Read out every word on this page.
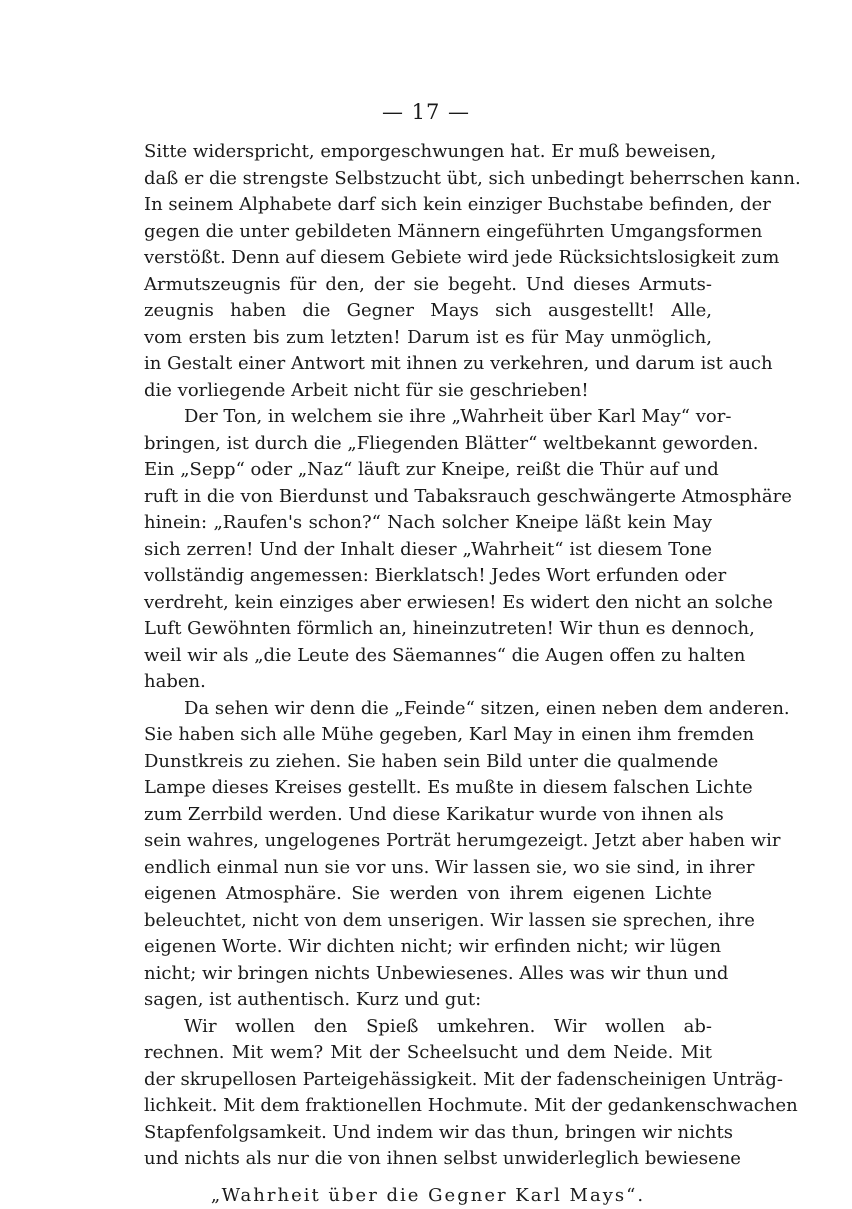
— 17 —
Sitte widerspricht, emporgeschwungen hat. Er muß beweisen,
daß er die strengste Selbstzucht übt, sich unbedingt beherrschen kann.
In seinem Alphabete darf sich kein einziger Buchstabe befinden, der
gegen die unter gebildeten Männern eingeführten Umgangsformen
verstößt. Denn auf diesem Gebiete wird jede Rücksichtslosigkeit zum
Armutszeugnis für den, der sie begeht. Und dieses Armuts-
zeugnis haben die Gegner Mays sich ausgestellt! Alle,
vom ersten bis zum letzten! Darum ist es für May unmöglich,
in Gestalt einer Antwort mit ihnen zu verkehren, und darum ist auch
die vorliegende Arbeit nicht für sie geschrieben!
Der Ton, in welchem sie ihre „Wahrheit über Karl May“ vor-
bringen, ist durch die „Fliegenden Blätter“ weltbekannt geworden.
Ein „Sepp“ oder „Naz“ läuft zur Kneipe, reißt die Thür auf und
ruft in die von Bierdunst und Tabaksrauch geschwängerte Atmosphäre
hinein: „Raufen's schon?“ Nach solcher Kneipe läßt kein May
sich zerren! Und der Inhalt dieser „Wahrheit“ ist diesem Tone
vollständig angemessen: Bierklatsch! Jedes Wort erfunden oder
verdreht, kein einziges aber erwiesen! Es widert den nicht an solche
Luft Gewöhnten förmlich an, hineinzutreten! Wir thun es dennoch,
weil wir als „die Leute des Säemannes“ die Augen offen zu halten
haben.
Da sehen wir denn die „Feinde“ sitzen, einen neben dem anderen.
Sie haben sich alle Mühe gegeben, Karl May in einen ihm fremden
Dunstkreis zu ziehen. Sie haben sein Bild unter die qualmende
Lampe dieses Kreises gestellt. Es mußte in diesem falschen Lichte
zum Zerrbild werden. Und diese Karikatur wurde von ihnen als
sein wahres, ungelogenes Porträt herumgezeigt. Jetzt aber haben wir
endlich einmal nun sie vor uns. Wir lassen sie, wo sie sind, in ihrer
eigenen Atmosphäre. Sie werden von ihrem eigenen Lichte
beleuchtet, nicht von dem unserigen. Wir lassen sie sprechen, ihre
eigenen Worte. Wir dichten nicht; wir erfinden nicht; wir lügen
nicht; wir bringen nichts Unbewiesenes. Alles was wir thun und
sagen, ist authentisch. Kurz und gut:
Wir wollen den Spieß umkehren. Wir wollen ab-
rechnen. Mit wem? Mit der Scheelsucht und dem Neide. Mit
der skrupellosen Parteigehässigkeit. Mit der fadenscheinigen Unträg-
lichkeit. Mit dem fraktionellen Hochmute. Mit der gedankenschwachen
Stapfenfolgsamkeit. Und indem wir das thun, bringen wir nichts
und nichts als nur die von ihnen selbst unwiderleglich bewiesene
„Wahrheit über die Gegner Karl Mays“.
